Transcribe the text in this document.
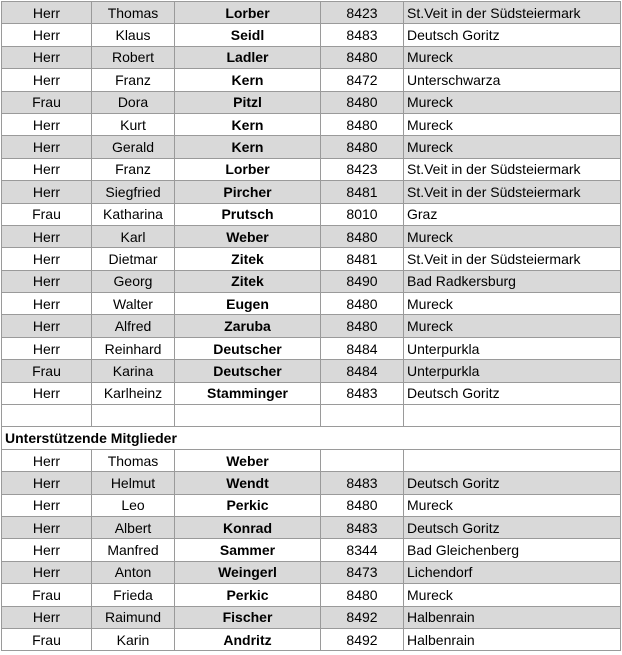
Herr	Thomas	Lorber	8423	St.Veit in der Südsteiermark
Herr	Klaus	Seidl	8483	Deutsch Goritz
Herr	Robert	Ladler	8480	Mureck
Herr	Franz	Kern	8472	Unterschwarza
Frau	Dora	Pitzl	8480	Mureck
Herr	Kurt	Kern	8480	Mureck
Herr	Gerald	Kern	8480	Mureck
Herr	Franz	Lorber	8423	St.Veit in der Südsteiermark
Herr	Siegfried	Pircher	8481	St.Veit in der Südsteiermark
Frau	Katharina	Prutsch	8010	Graz
Herr	Karl	Weber	8480	Mureck
Herr	Dietmar	Zitek	8481	St.Veit in der Südsteiermark
Herr	Georg	Zitek	8490	Bad Radkersburg
Herr	Walter	Eugen	8480	Mureck
Herr	Alfred	Zaruba	8480	Mureck
Herr	Reinhard	Deutscher	8484	Unterpurkla
Frau	Karina	Deutscher	8484	Unterpurkla
Herr	Karlheinz	Stamminger	8483	Deutsch Goritz

Unterstützende Mitglieder				
Herr	Thomas	Weber		
Herr	Helmut	Wendt	8483	Deutsch Goritz
Herr	Leo	Perkic	8480	Mureck
Herr	Albert	Konrad	8483	Deutsch Goritz
Herr	Manfred	Sammer	8344	Bad Gleichenberg
Herr	Anton	Weingerl	8473	Lichendorf
Frau	Frieda	Perkic	8480	Mureck
Herr	Raimund	Fischer	8492	Halbenrain
Frau	Karin	Andritz	8492	Halbenrain
